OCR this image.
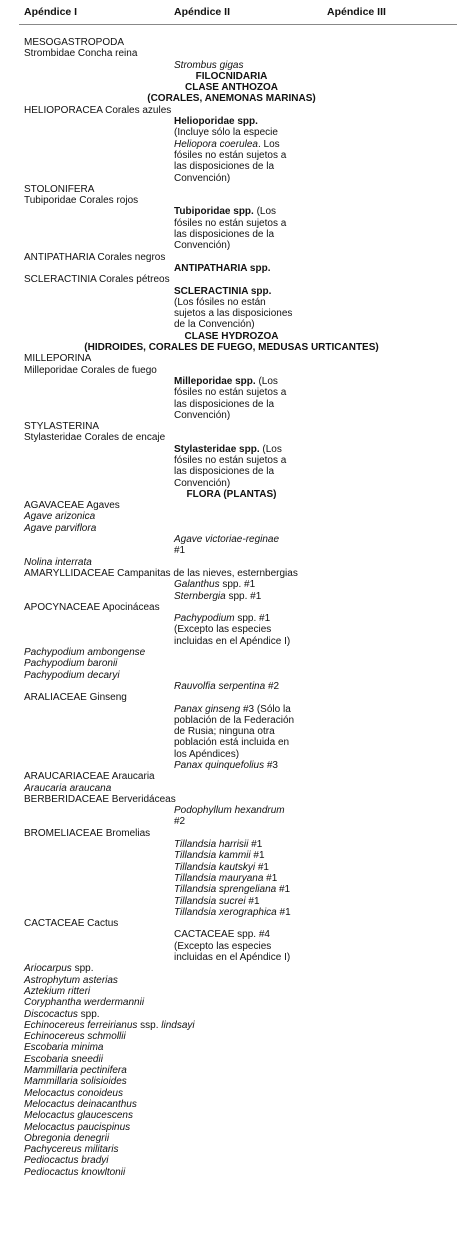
Apéndice I	Apéndice II	Apéndice III
MESOGASTROPODA
Strombidae Concha reina
Strombus gigas
FILOCNIDARIA
CLASE ANTHOZOA
(CORALES, ANEMONAS MARINAS)
HELIOPORACEA Corales azules
Helioporidae spp.
(Incluye sólo la especie
Heliopora coerulea. Los
fósiles no están sujetos a
las disposiciones de la
Convención)
STOLONIFERA
Tubiporidae Corales rojos
Tubiporidae spp. (Los
fósiles no están sujetos a
las disposiciones de la
Convención)
ANTIPATHARIA Corales negros
ANTIPATHARIA spp.
SCLERACTINIA Corales pétreos
SCLERACTINIA spp.
(Los fósiles no están
sujetos a las disposiciones
de la Convención)
CLASE HYDROZOA
(HIDROIDES, CORALES DE FUEGO, MEDUSAS URTICANTES)
MILLEPORINA
Milleporidae Corales de fuego
Milleporidae spp. (Los
fósiles no están sujetos a
las disposiciones de la
Convención)
STYLASTERINA
Stylasteridae Corales de encaje
Stylasteridae spp. (Los
fósiles no están sujetos a
las disposiciones de la
Convención)
FLORA (PLANTAS)
AGAVACEAE Agaves
Agave arizonica
Agave parviflora
Agave victoriae-reginae
#1
Nolina interrata
AMARYLLIDACEAE Campanitas de las nieves, esternbergias
Galanthus spp. #1
Sternbergia spp. #1
APOCYNACEAE Apocináceas
Pachypodium spp. #1
(Excepto las especies
incluidas en el Apéndice I)
Pachypodium ambongense
Pachypodium baronii
Pachypodium decaryi
Rauvolfia serpentina #2
ARALIACEAE Ginseng
Panax ginseng #3 (Sólo la
población de la Federación
de Rusia; ninguna otra
población está incluida en
los Apéndices)
Panax quinquefolius #3
ARAUCARIACEAE Araucaria
Araucaria araucana
BERBERIDACEAE Berveridáceas
Podophyllum hexandrum
#2
BROMELIACEAE Bromelias
Tillandsia harrisii #1
Tillandsia kammii #1
Tillandsia kautskyi #1
Tillandsia mauryana #1
Tillandsia sprengeliana #1
Tillandsia sucrei #1
Tillandsia xerographica #1
CACTACEAE Cactus
CACTACEAE spp. #4
(Excepto las especies
incluidas en el Apéndice I)
Ariocarpus spp.
Astrophytum asterias
Aztekium ritteri
Coryphantha werdermannii
Discocactus spp.
Echinocereus ferreirianus ssp. lindsayi
Echinocereus schmollii
Escobaria minima
Escobaria sneedii
Mammillaria pectinifera
Mammillaria solisioides
Melocactus conoideus
Melocactus deinacanthus
Melocactus glaucescens
Melocactus paucispinus
Obregonia denegrii
Pachycereus militaris
Pediocactus bradyi
Pediocactus knowltonii
